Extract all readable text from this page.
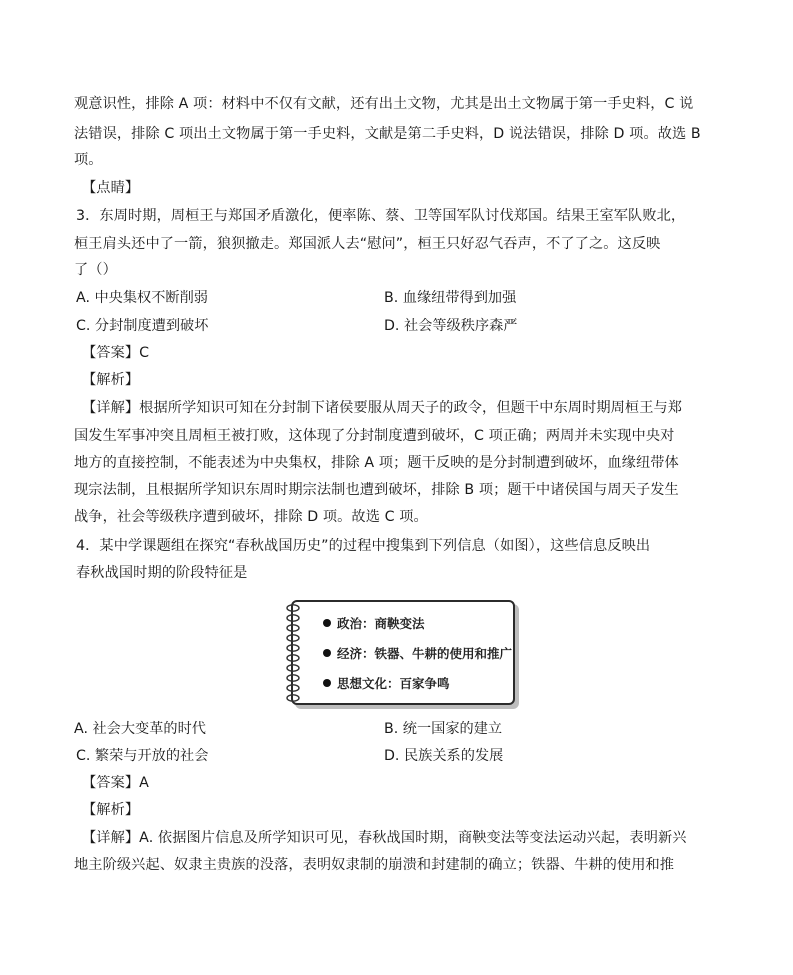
观意识性，排除 A 项：材料中不仅有文献，还有出土文物，尤其是出土文物属于第一手史料，C 说
法错误，排除 C 项出土文物属于第一手史料，文献是第二手史料，D 说法错误，排除 D 项。故选 B
项。
【点睛】
3．东周时期，周桓王与郑国矛盾激化，便率陈、蔡、卫等国军队讨伐郑国。结果王室军队败北，
桓王肩头还中了一箭，狼狈撤走。郑国派人去“慰问”，桓王只好忍气吞声，不了了之。这反映
了（）
A. 中央集权不断削弱	B. 血缘纽带得到加强
C. 分封制度遭到破坏	D. 社会等级秩序森严
【答案】C
【解析】
【详解】根据所学知识可知在分封制下诸侯要服从周天子的政令，但题干中东周时期周桓王与郑
国发生军事冲突且周桓王被打败，这体现了分封制度遭到破坏，C 项正确；两周并未实现中央对
地方的直接控制，不能表述为中央集权，排除 A 项；题干反映的是分封制遭到破坏，血缘纽带体
现宗法制，且根据所学知识东周时期宗法制也遭到破坏，排除 B 项；题干中诸侯国与周天子发生
战争，社会等级秩序遭到破坏，排除 D 项。故选 C 项。
4．某中学课题组在探究“春秋战国历史”的过程中搜集到下列信息（如图），这些信息反映出
春秋战国时期的阶段特征是
政治：商鞅变法
经济：铁器、牛耕的使用和推广
思想文化：百家争鸣
A. 社会大变革的时代	B. 统一国家的建立
C. 繁荣与开放的社会	D. 民族关系的发展
【答案】A
【解析】
【详解】A. 依据图片信息及所学知识可见，春秋战国时期，商鞅变法等变法运动兴起，表明新兴
地主阶级兴起、奴隶主贵族的没落，表明奴隶制的崩溃和封建制的确立；铁器、牛耕的使用和推
